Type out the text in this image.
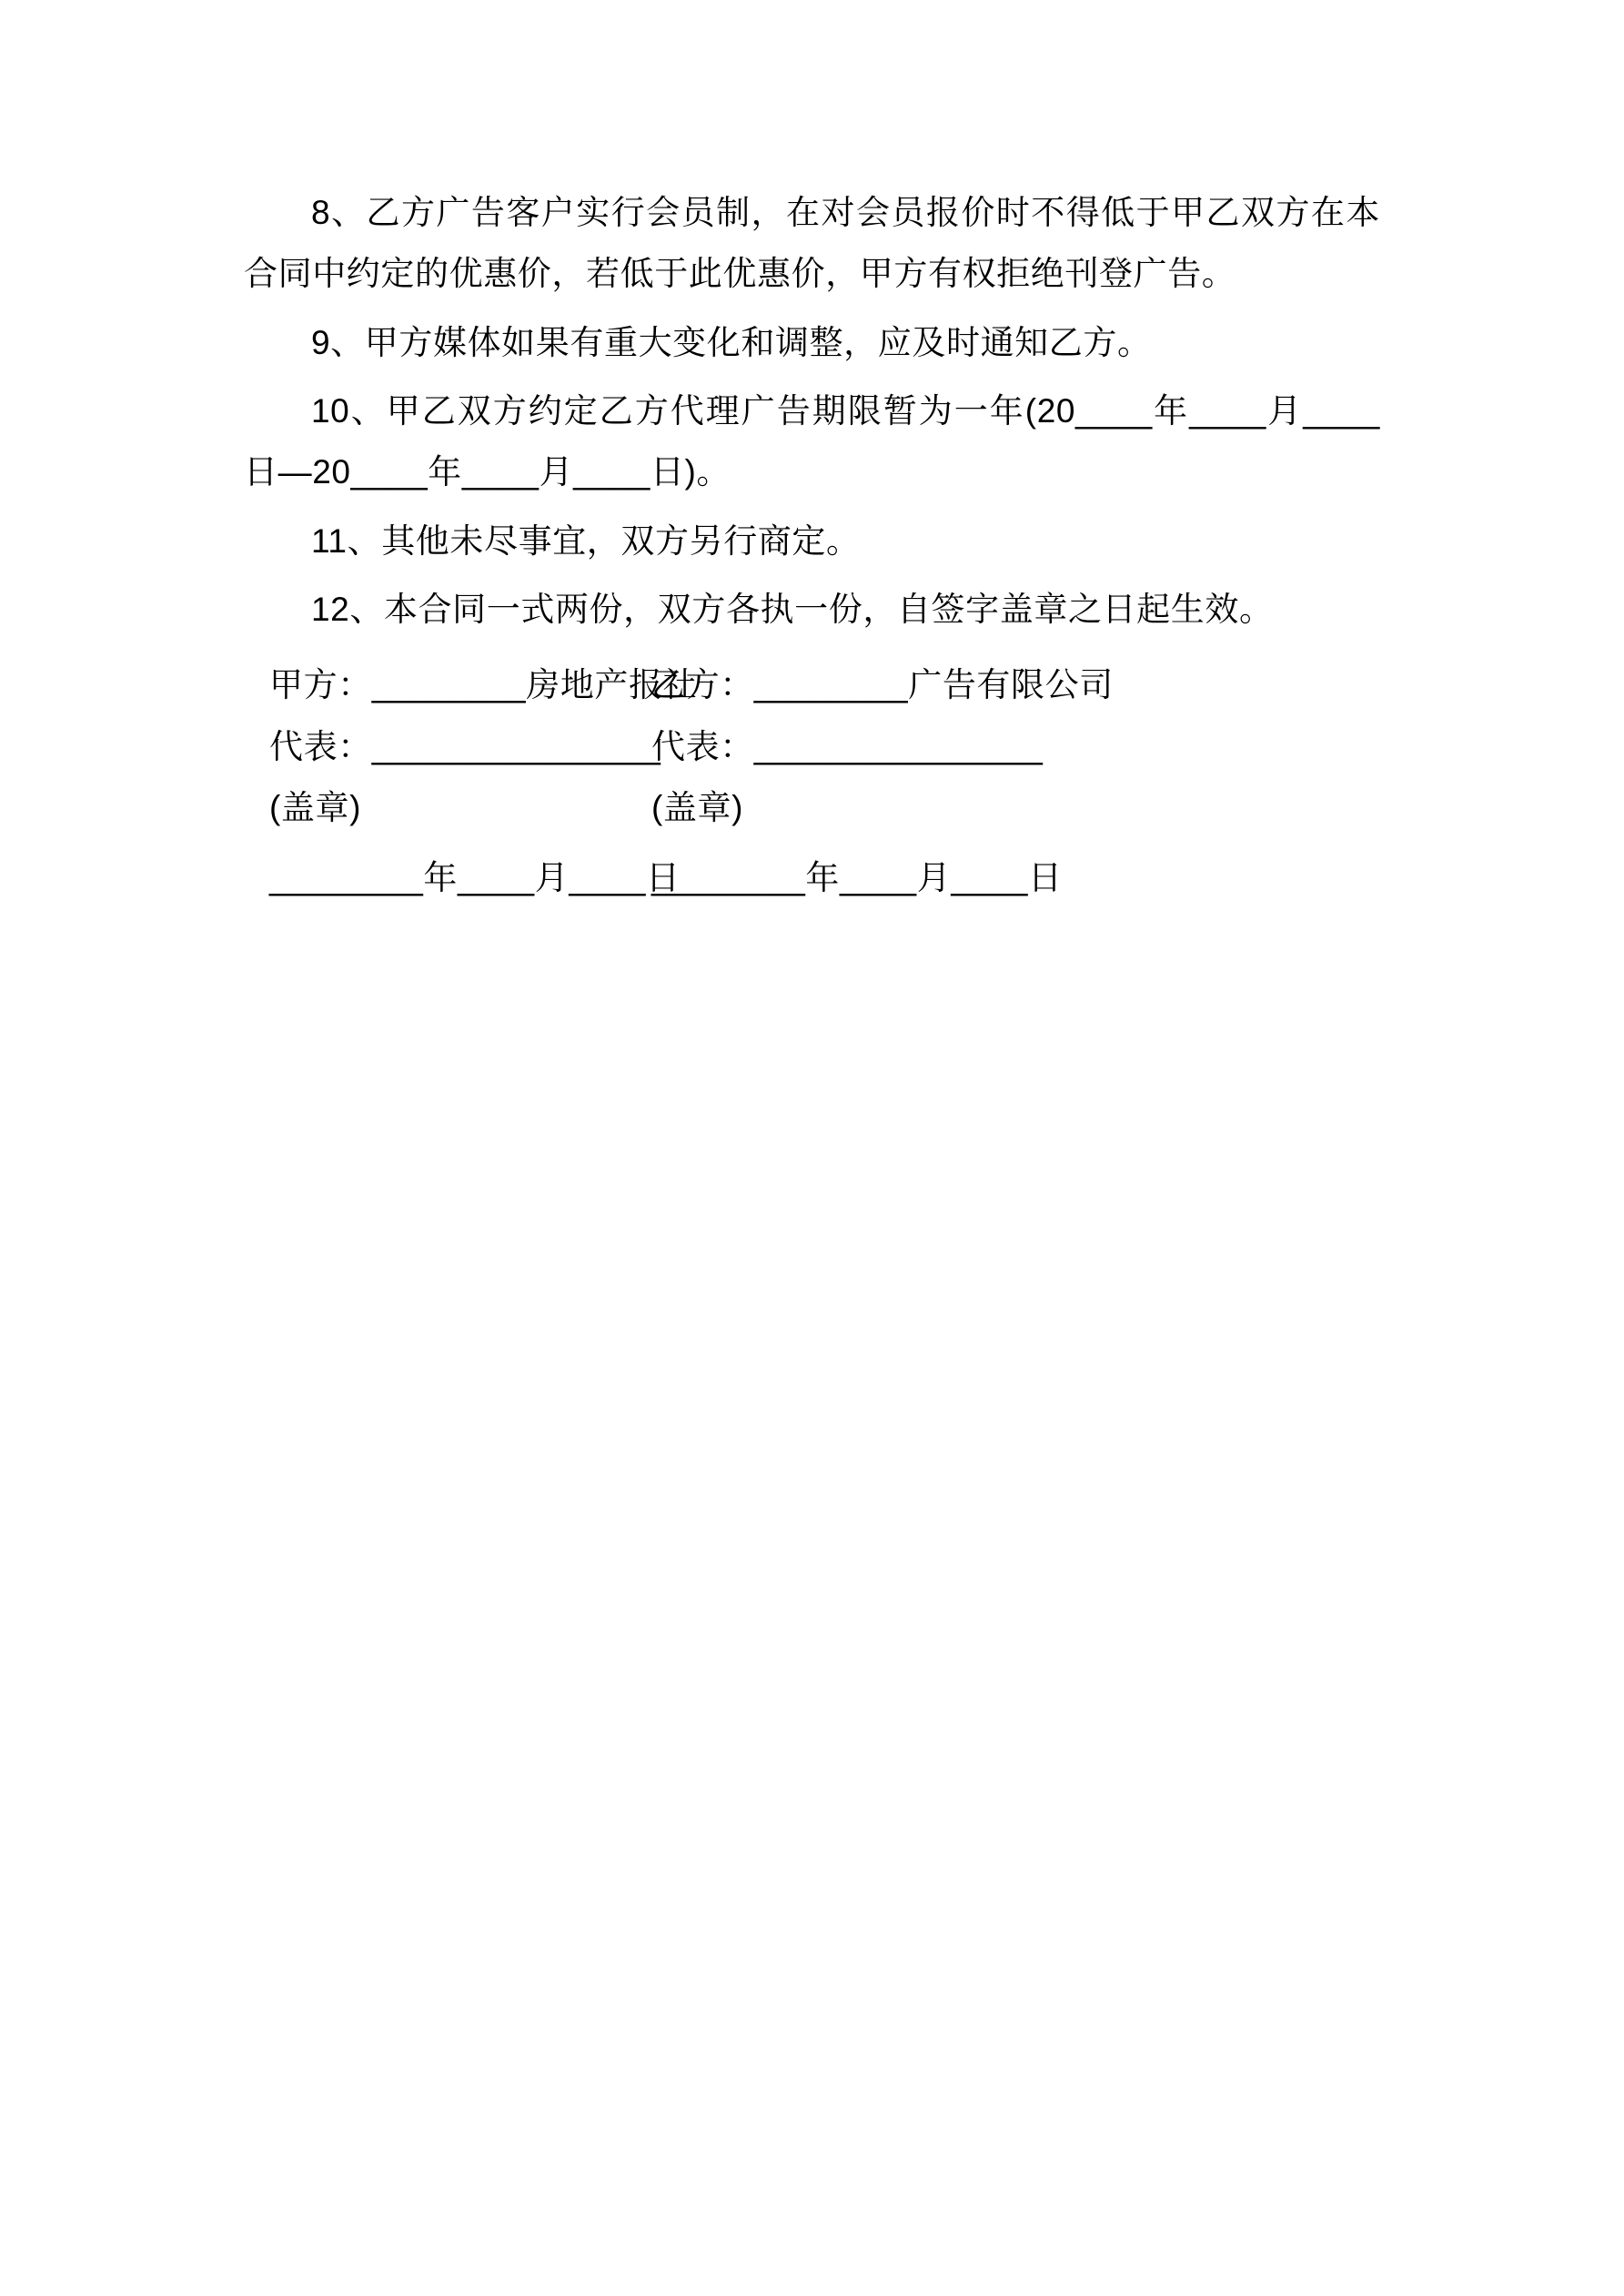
8、乙方广告客户实行会员制，在对会员报价时不得低于甲乙双方在本合同中约定的优惠价，若低于此优惠价，甲方有权拒绝刊登广告。

9、甲方媒体如果有重大变化和调整，应及时通知乙方。

10、甲乙双方约定乙方代理广告期限暂为一年(20____年____月____日—20____年____月____日)。

11、其他未尽事宜，双方另行商定。

12、本合同一式两份，双方各执一份，自签字盖章之日起生效。

甲方：________房地产报社
乙方：________广告有限公司
代表：_______________
代表：_______________
(盖章)	(盖章)
________年____月____日
________年____月____日
